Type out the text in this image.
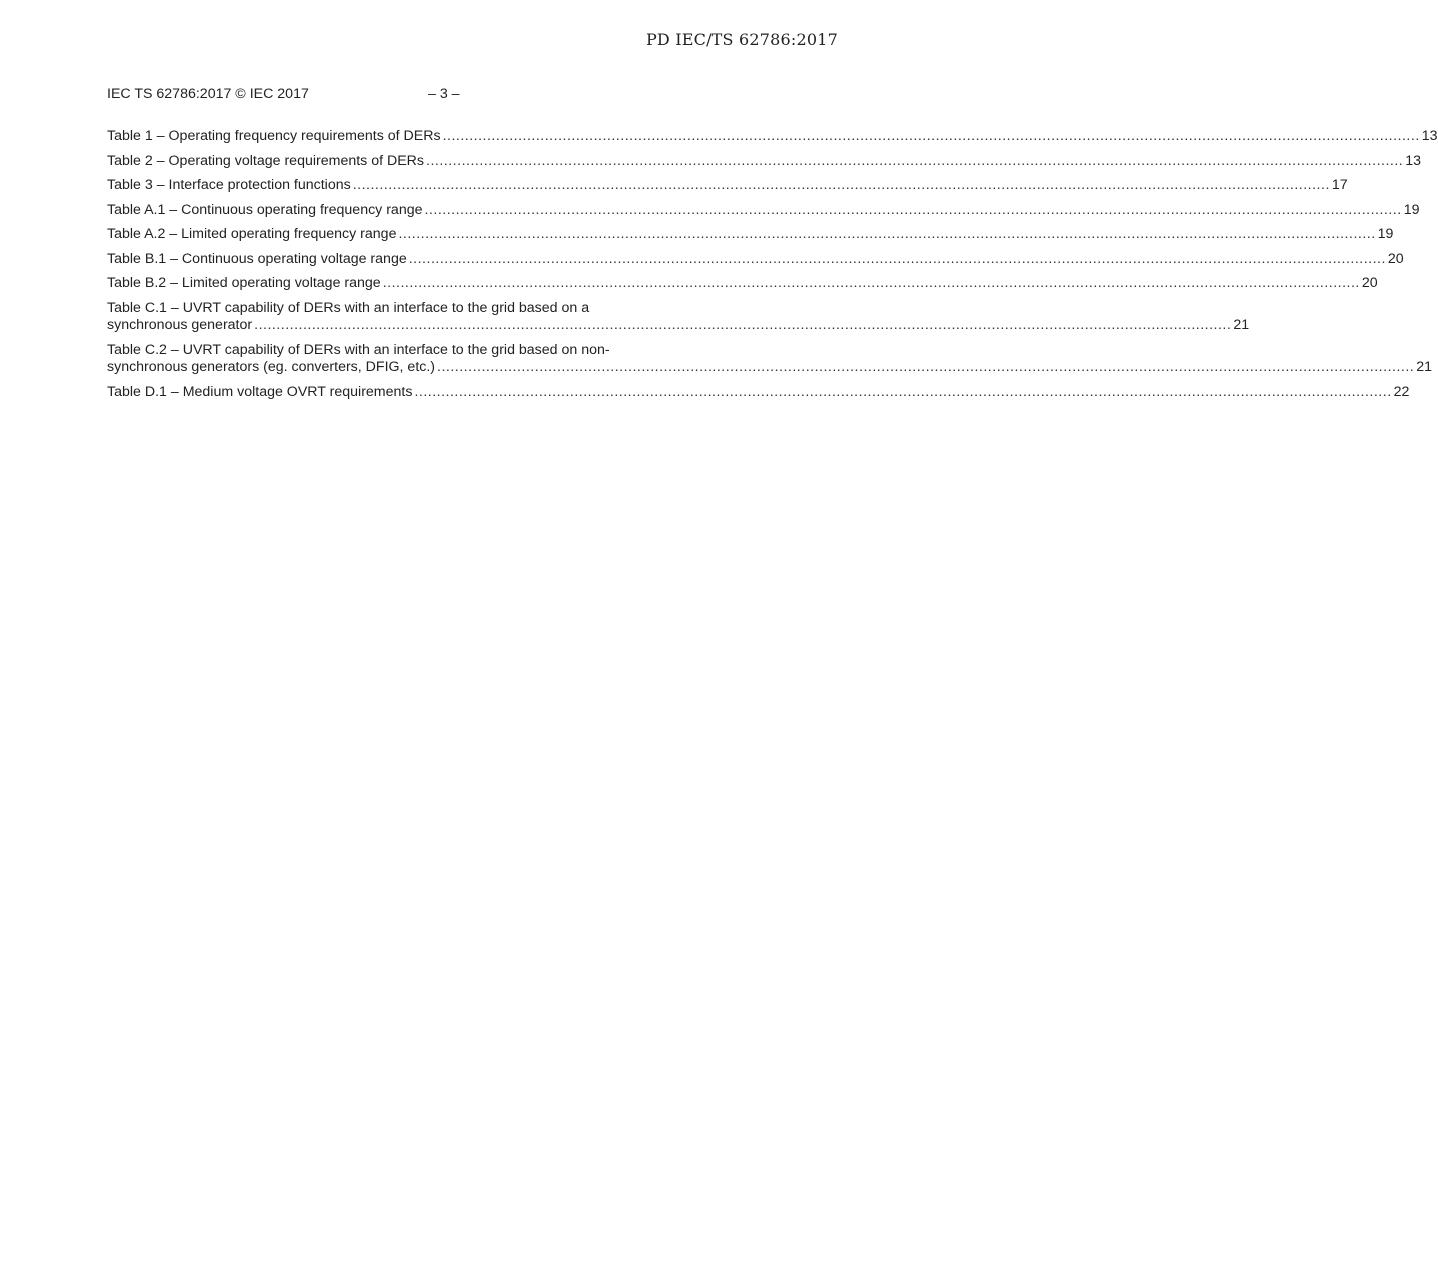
PD IEC/TS 62786:2017
IEC TS 62786:2017 © IEC 2017	– 3 –
Table 1 – Operating frequency requirements of DERs ............................................................................................................................................................................................................................ 13
Table 2 – Operating voltage requirements of DERs ............................................................................................................................................................................................................................ 13
Table 3 – Interface protection functions ............................................................................................................................................................................................................................ 17
Table A.1 – Continuous operating frequency range ............................................................................................................................................................................................................................ 19
Table A.2 – Limited operating frequency range ............................................................................................................................................................................................................................ 19
Table B.1 – Continuous operating voltage range ............................................................................................................................................................................................................................ 20
Table B.2 – Limited operating voltage range ............................................................................................................................................................................................................................ 20
Table C.1 – UVRT capability of DERs with an interface to the grid based on a
synchronous generator ............................................................................................................................................................................................................................ 21
Table C.2 – UVRT capability of DERs with an interface to the grid based on non-
synchronous generators (eg. converters, DFIG, etc.) ............................................................................................................................................................................................................................ 21
Table D.1 – Medium voltage OVRT requirements ............................................................................................................................................................................................................................ 22
